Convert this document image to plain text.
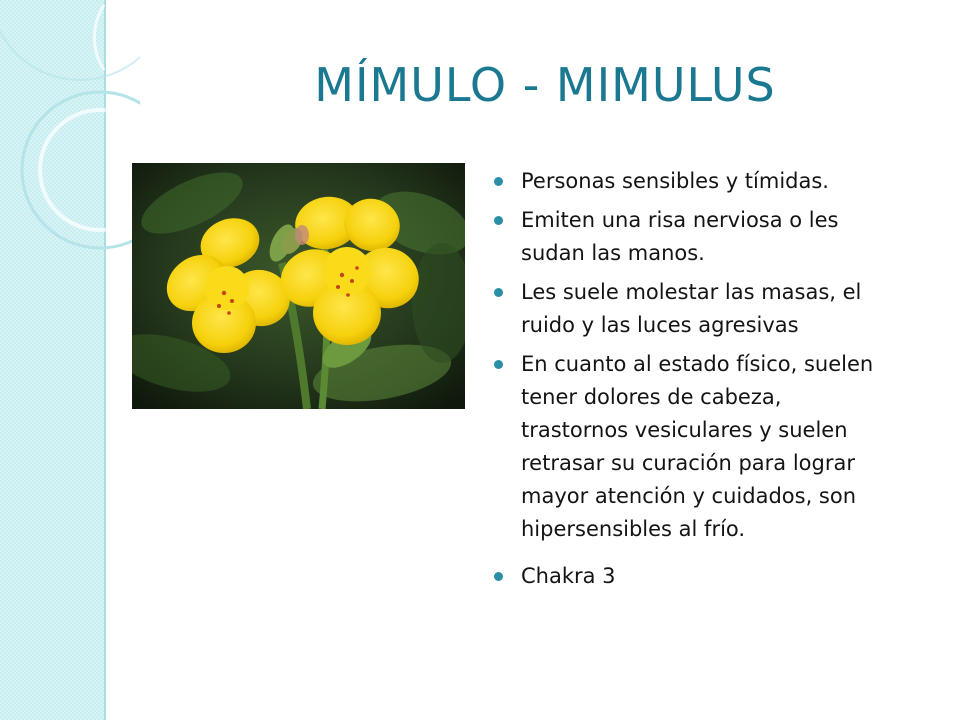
MÍMULO - MIMULUS
Personas sensibles y tímidas.
Emiten una risa nerviosa o les sudan las manos.
Les suele molestar las masas, el ruido y las luces agresivas
En cuanto al estado físico, suelen tener dolores de cabeza, trastornos vesiculares y suelen retrasar su curación para lograr mayor atención y cuidados, son hipersensibles al frío.
Chakra 3
